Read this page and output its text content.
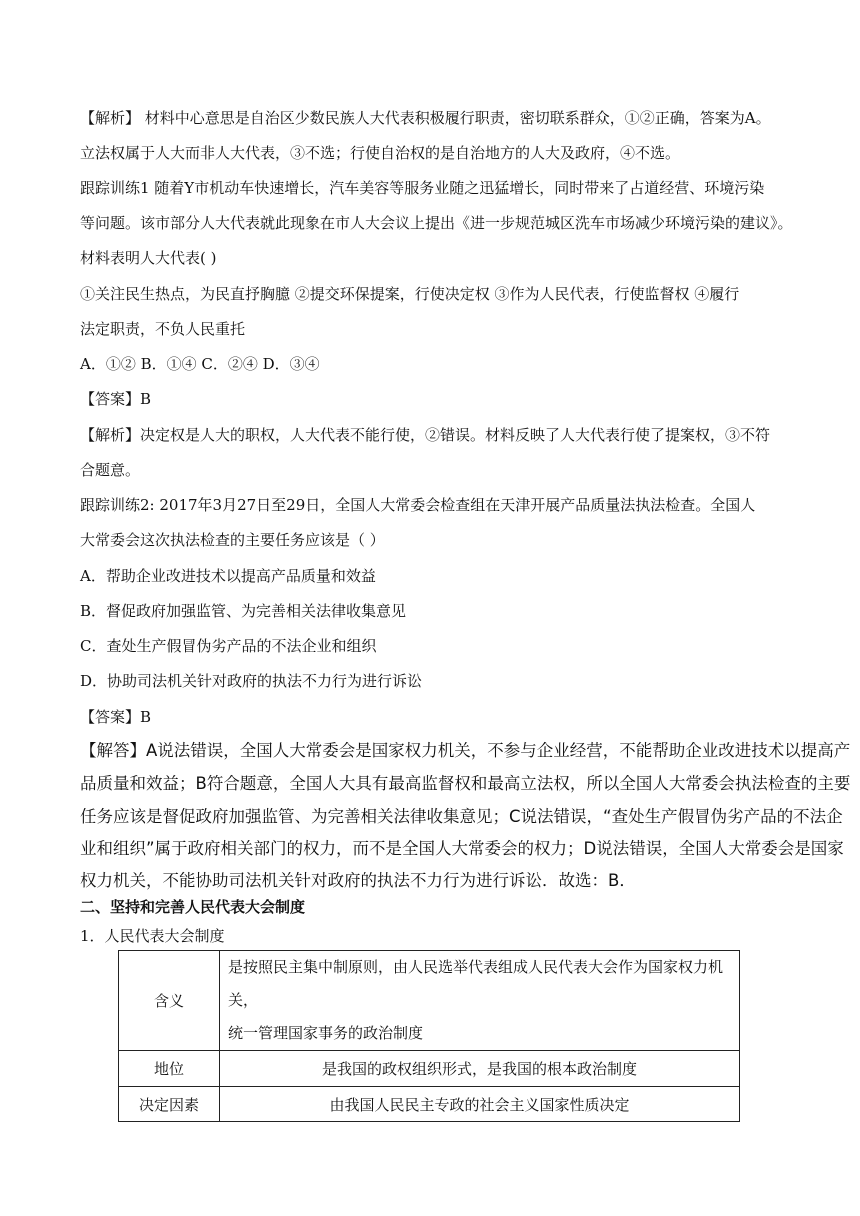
【解析】 材料中心意思是自治区少数民族人大代表积极履行职责，密切联系群众，①②正确，答案为A。
立法权属于人大而非人大代表，③不选；行使自治权的是自治地方的人大及政府，④不选。
跟踪训练1 随着Y市机动车快速增长，汽车美容等服务业随之迅猛增长，同时带来了占道经营、环境污染
等问题。该市部分人大代表就此现象在市人大会议上提出《进一步规范城区洗车市场减少环境污染的建议》。
材料表明人大代表( )
①关注民生热点，为民直抒胸臆 ②提交环保提案，行使决定权 ③作为人民代表，行使监督权 ④履行
法定职责，不负人民重托
A．①② B．①④ C．②④ D．③④
【答案】B
【解析】决定权是人大的职权，人大代表不能行使，②错误。材料反映了人大代表行使了提案权，③不符
合题意。
跟踪训练2: 2017年3月27日至29日，全国人大常委会检查组在天津开展产品质量法执法检查。全国人
大常委会这次执法检查的主要任务应该是（ ）
A．帮助企业改进技术以提高产品质量和效益
B．督促政府加强监管、为完善相关法律收集意见
C．查处生产假冒伪劣产品的不法企业和组织
D．协助司法机关针对政府的执法不力行为进行诉讼
【答案】B
【解答】A说法错误，全国人大常委会是国家权力机关，不参与企业经营，不能帮助企业改进技术以提高产
品质量和效益；B符合题意，全国人大具有最高监督权和最高立法权，所以全国人大常委会执法检查的主要
任务应该是督促政府加强监管、为完善相关法律收集意见；C说法错误，“查处生产假冒伪劣产品的不法企
业和组织”属于政府相关部门的权力，而不是全国人大常委会的权力；D说法错误，全国人大常委会是国家
权力机关，不能协助司法机关针对政府的执法不力行为进行诉讼．故选：B．
二、坚持和完善人民代表大会制度
1．人民代表大会制度
含义	是按照民主集中制原则，由人民选举代表组成人民代表大会作为国家权力机关，
统一管理国家事务的政治制度

地位	是我国的政权组织形式，是我国的根本政治制度
决定因素	由我国人民民主专政的社会主义国家性质决定
